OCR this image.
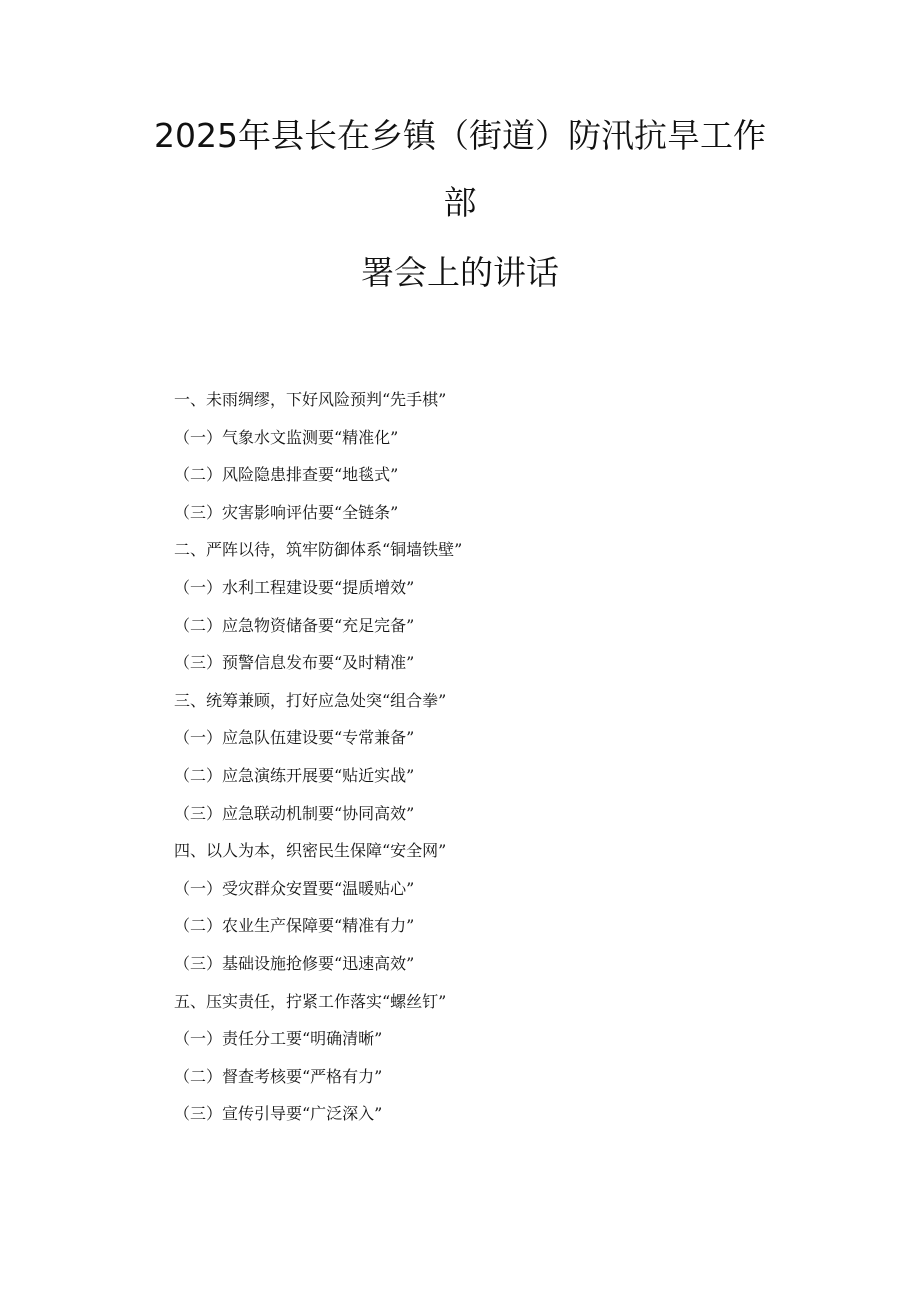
2025年县长在乡镇（街道）防汛抗旱工作
部
署会上的讲话
一、未雨绸缪，下好风险预判“先手棋”
（一）气象水文监测要“精准化”
（二）风险隐患排查要“地毯式”
（三）灾害影响评估要“全链条”
二、严阵以待，筑牢防御体系“铜墙铁壁”
（一）水利工程建设要“提质增效”
（二）应急物资储备要“充足完备”
（三）预警信息发布要“及时精准”
三、统筹兼顾，打好应急处突“组合拳”
（一）应急队伍建设要“专常兼备”
（二）应急演练开展要“贴近实战”
（三）应急联动机制要“协同高效”
四、以人为本，织密民生保障“安全网”
（一）受灾群众安置要“温暖贴心”
（二）农业生产保障要“精准有力”
（三）基础设施抢修要“迅速高效”
五、压实责任，拧紧工作落实“螺丝钉”
（一）责任分工要“明确清晰”
（二）督查考核要“严格有力”
（三）宣传引导要“广泛深入”
